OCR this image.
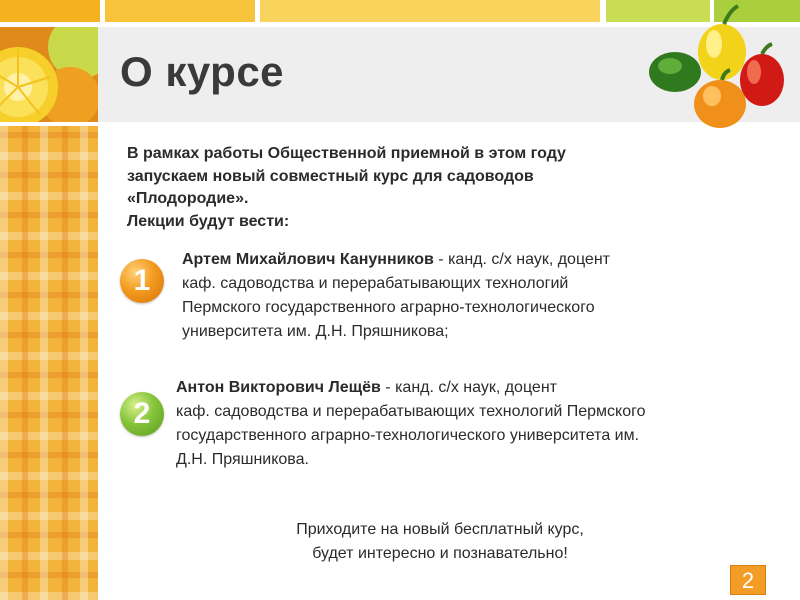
О курсе
В рамках работы Общественной приемной в этом году
запускаем новый совместный курс для садоводов
«Плодородие».
Лекции будут вести:
1
Артем Михайлович Канунников - канд. с/х наук, доцент
каф. садоводства и перерабатывающих технологий
Пермского государственного аграрно-технологического
университета им. Д.Н. Пряшникова;
2
Антон Викторович Лещёв - канд. с/х наук, доцент
каф. садоводства и перерабатывающих технологий Пермского
государственного аграрно-технологического университета им.
Д.Н. Пряшникова.
Приходите на новый бесплатный курс,
будет интересно и познавательно!
2
